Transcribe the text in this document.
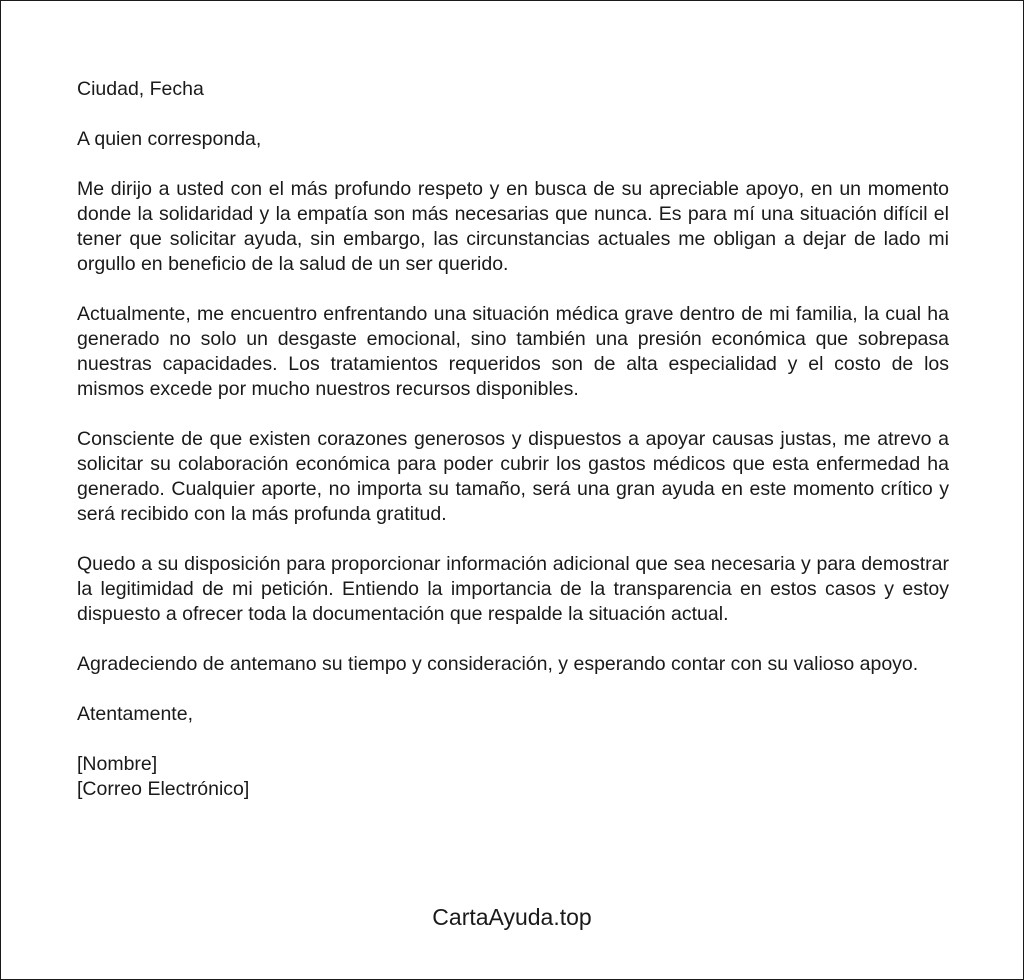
Ciudad, Fecha

A quien corresponda,

Me dirijo a usted con el más profundo respeto y en busca de su apreciable apoyo, en un momento donde la solidaridad y la empatía son más necesarias que nunca. Es para mí una situación difícil el tener que solicitar ayuda, sin embargo, las circunstancias actuales me obligan a dejar de lado mi orgullo en beneficio de la salud de un ser querido.

Actualmente, me encuentro enfrentando una situación médica grave dentro de mi familia, la cual ha generado no solo un desgaste emocional, sino también una presión económica que sobrepasa nuestras capacidades. Los tratamientos requeridos son de alta especialidad y el costo de los mismos excede por mucho nuestros recursos disponibles.

Consciente de que existen corazones generosos y dispuestos a apoyar causas justas, me atrevo a solicitar su colaboración económica para poder cubrir los gastos médicos que esta enfermedad ha generado. Cualquier aporte, no importa su tamaño, será una gran ayuda en este momento crítico y será recibido con la más profunda gratitud.

Quedo a su disposición para proporcionar información adicional que sea necesaria y para demostrar la legitimidad de mi petición. Entiendo la importancia de la transparencia en estos casos y estoy dispuesto a ofrecer toda la documentación que respalde la situación actual.

Agradeciendo de antemano su tiempo y consideración, y esperando contar con su valioso apoyo.

Atentamente,

[Nombre]
[Correo Electrónico]
CartaAyuda.top
